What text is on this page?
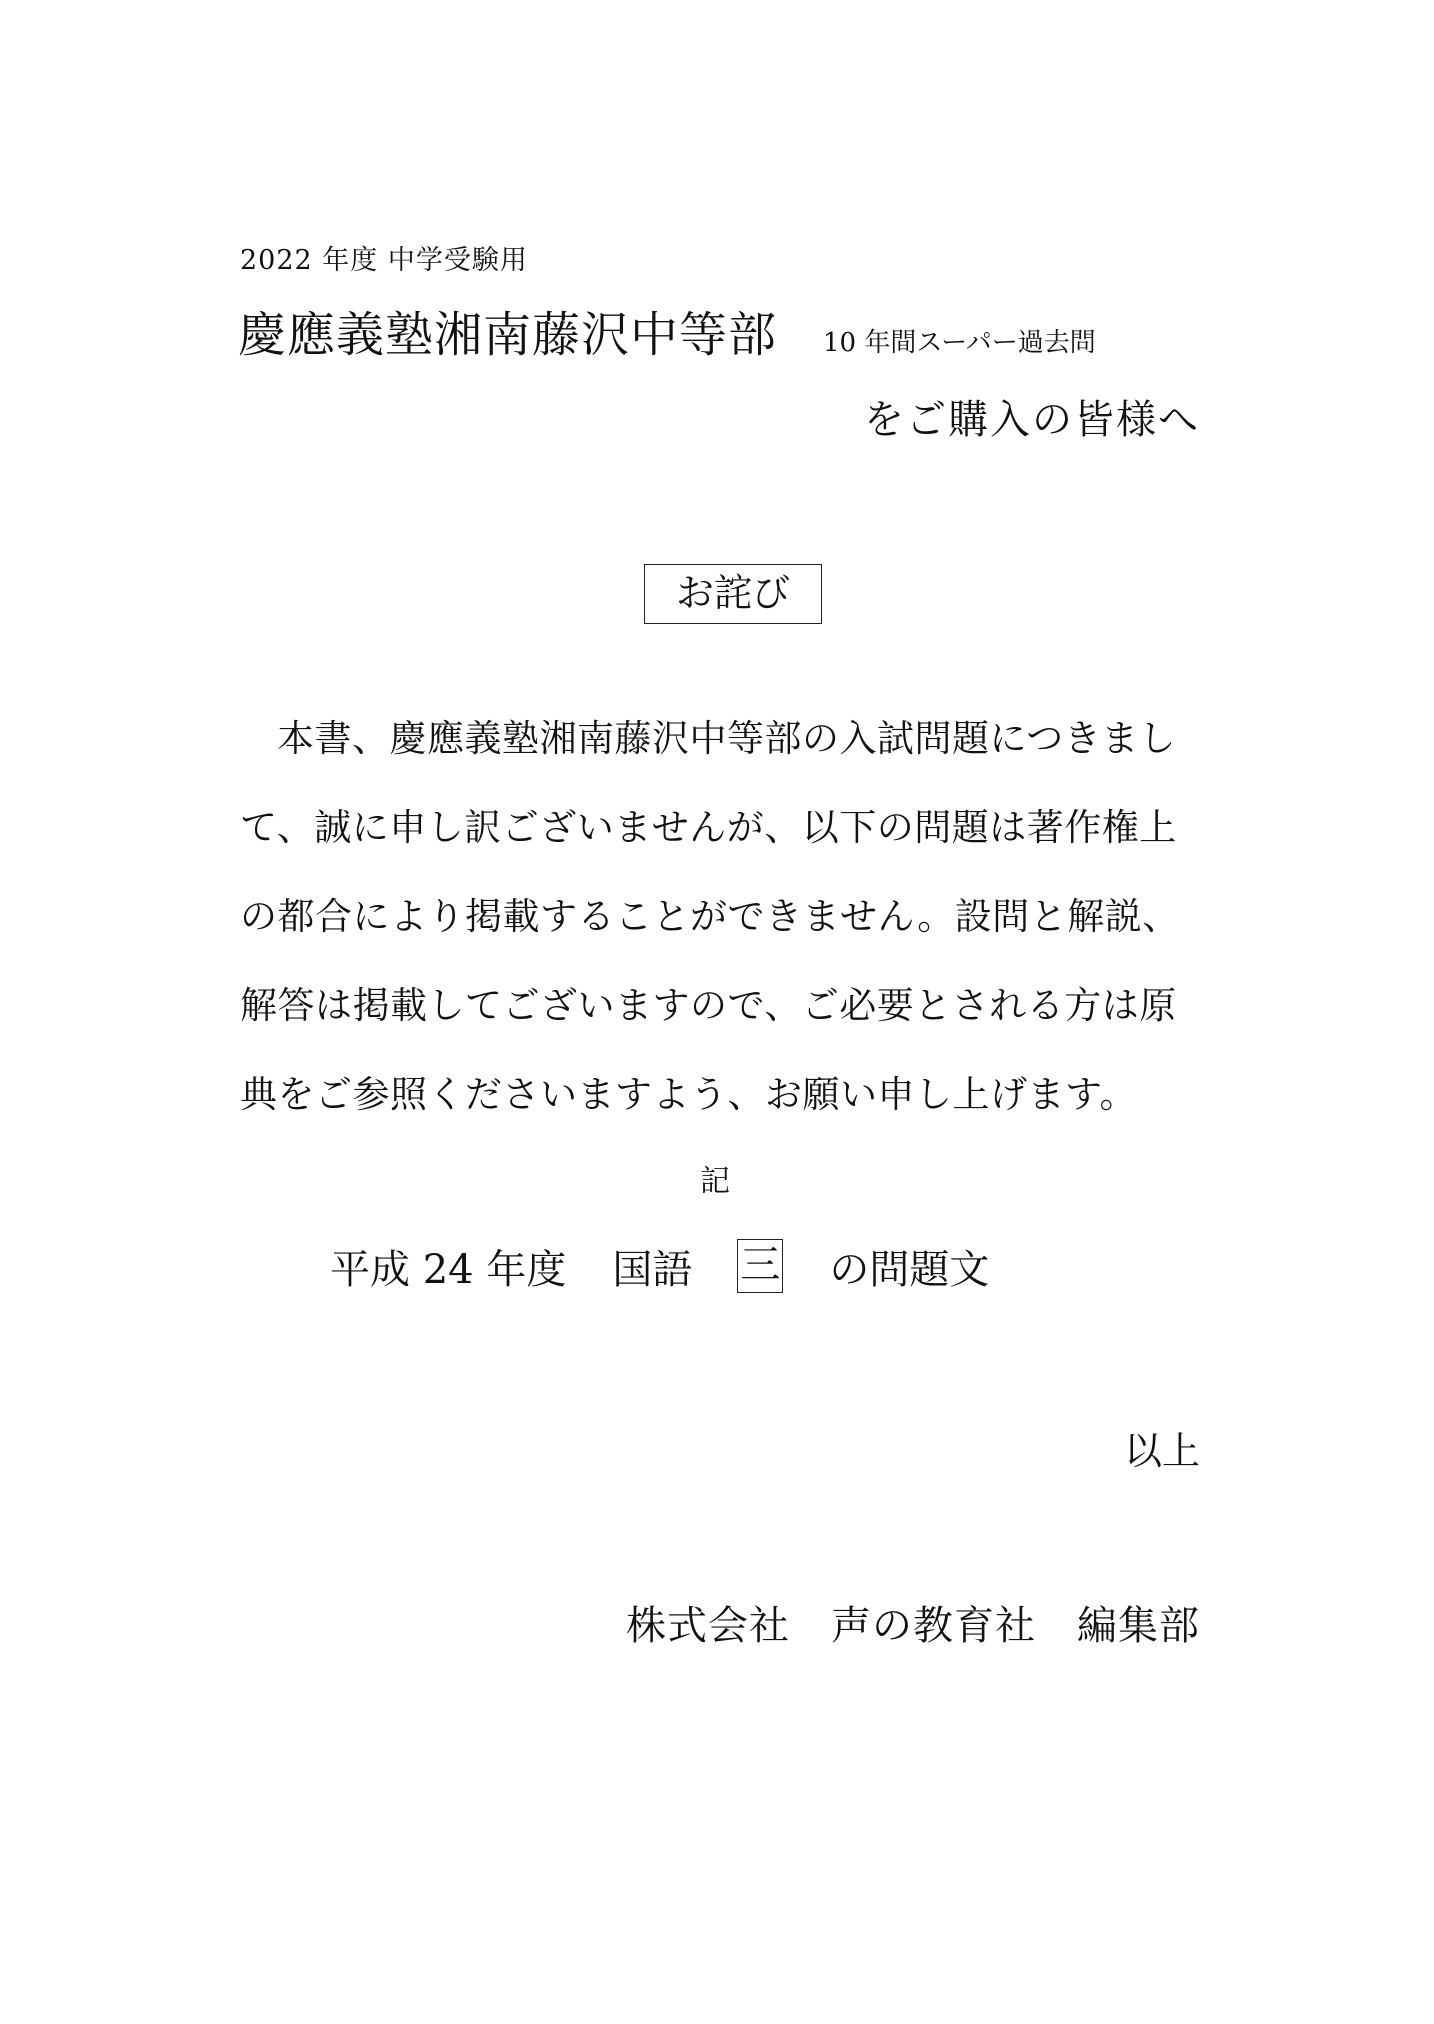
2022 年度 中学受験用
慶應義塾湘南藤沢中等部 10 年間スーパー過去問
をご購入の皆様へ
お詫び
本書、慶應義塾湘南藤沢中等部の入試問題につきまして、誠に申し訳ございませんが、以下の問題は著作権上の都合により掲載することができません。設問と解説、解答は掲載してございますので、ご必要とされる方は原典をご参照くださいますよう、お願い申し上げます。
記
平成 24 年度 国語 三 の問題文
以上
株式会社　声の教育社　編集部
